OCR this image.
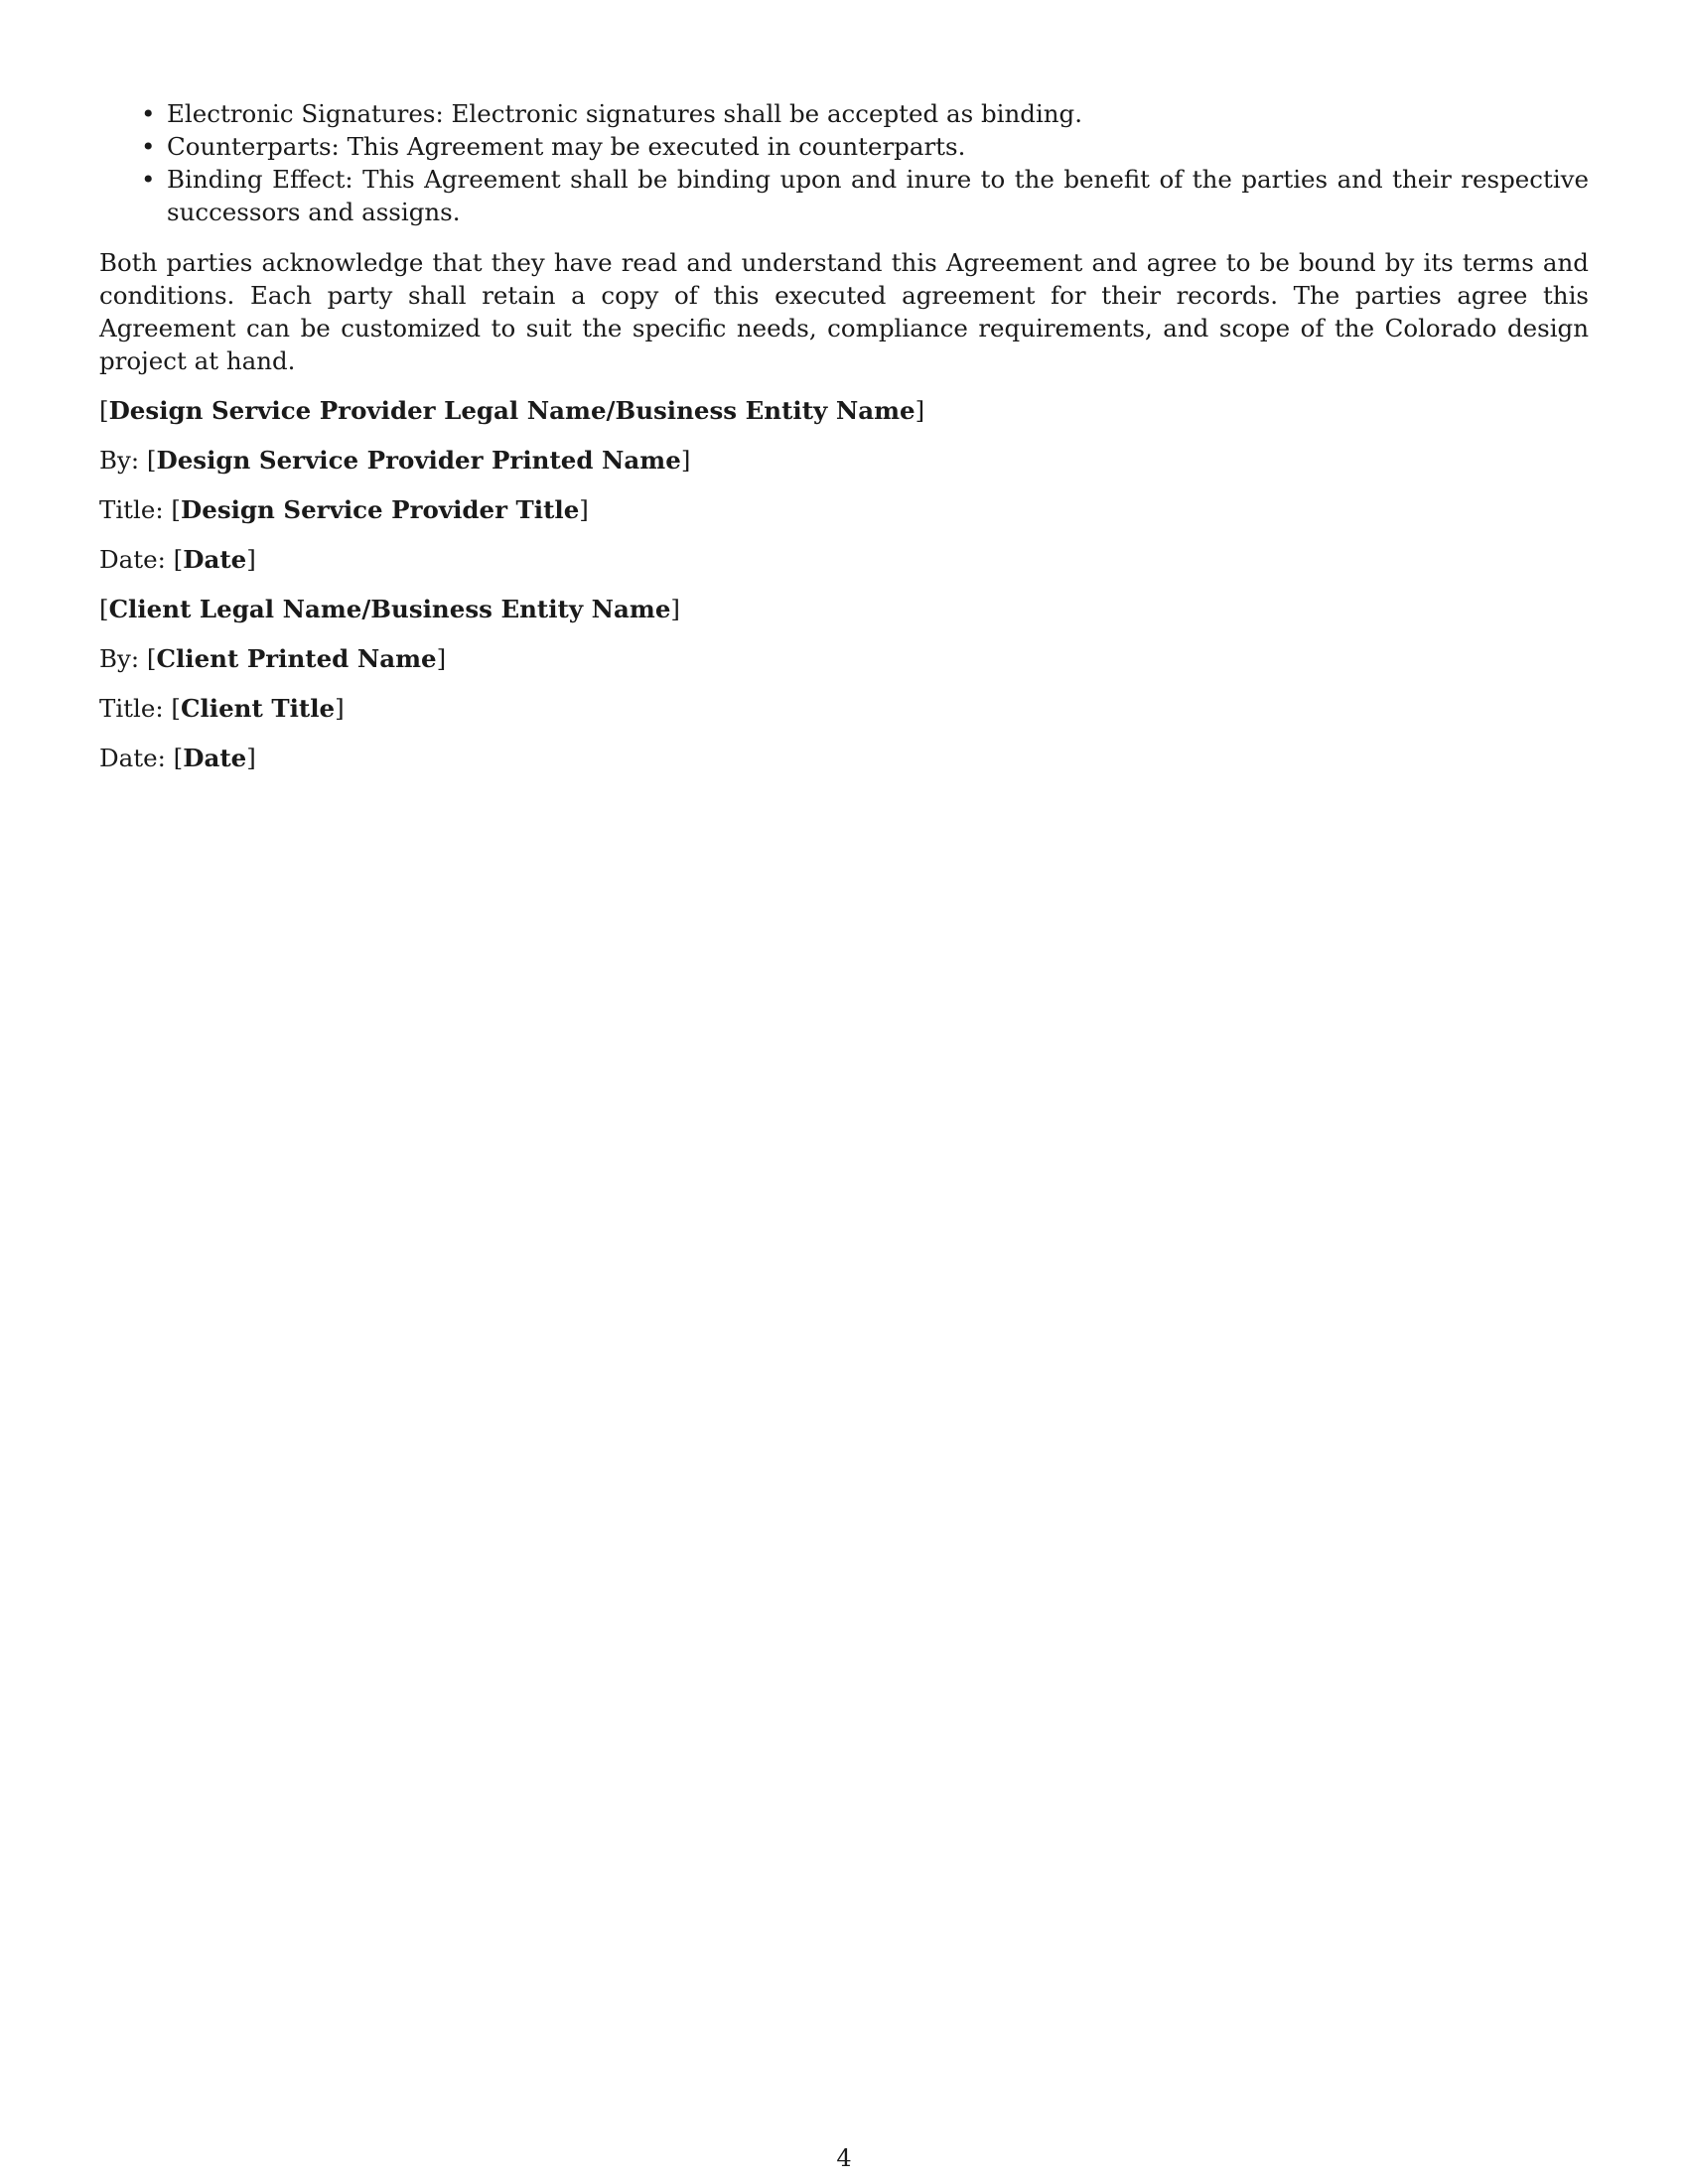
• Electronic Signatures: Electronic signatures shall be accepted as binding.
• Counterparts: This Agreement may be executed in counterparts.
• Binding Effect: This Agreement shall be binding upon and inure to the benefit of the parties and their respective successors and assigns.

Both parties acknowledge that they have read and understand this Agreement and agree to be bound by its terms and conditions. Each party shall retain a copy of this executed agreement for their records. The parties agree this Agreement can be customized to suit the specific needs, compliance requirements, and scope of the Colorado design project at hand.

[Design Service Provider Legal Name/Business Entity Name]
By: [Design Service Provider Printed Name]
Title: [Design Service Provider Title]
Date: [Date]
[Client Legal Name/Business Entity Name]
By: [Client Printed Name]
Title: [Client Title]
Date: [Date]
4
